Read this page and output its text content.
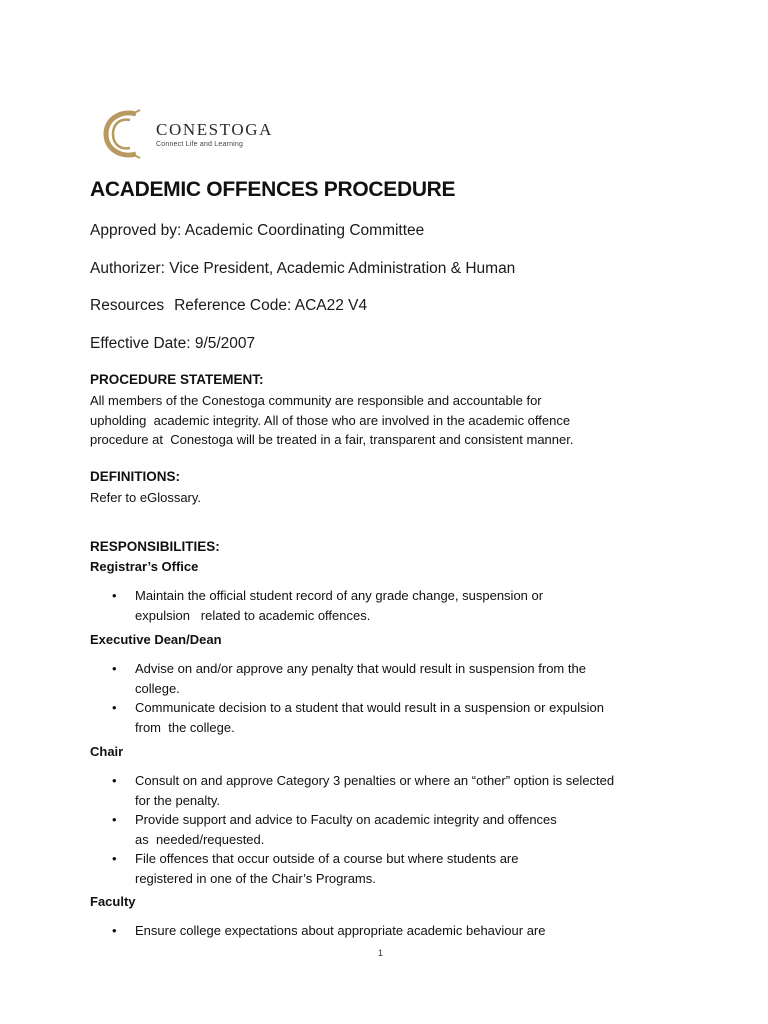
CONESTOGA
Connect Life and Learning
ACADEMIC OFFENCES PROCEDURE
Approved by: Academic Coordinating Committee
Authorizer: Vice President, Academic Administration & Human
Resources Reference Code: ACA22 V4
Effective Date: 9/5/2007
PROCEDURE STATEMENT:
All members of the Conestoga community are responsible and accountable for
upholding  academic integrity. All of those who are involved in the academic offence
procedure at  Conestoga will be treated in a fair, transparent and consistent manner.
DEFINITIONS:
Refer to eGlossary.
RESPONSIBILITIES:
Registrar’s Office
• Maintain the official student record of any grade change, suspension or
expulsion   related to academic offences.
Executive Dean/Dean
• Advise on and/or approve any penalty that would result in suspension from the
college.
• Communicate decision to a student that would result in a suspension or expulsion
from  the college.
Chair
• Consult on and approve Category 3 penalties or where an “other” option is selected
for the penalty.
• Provide support and advice to Faculty on academic integrity and offences
as  needed/requested.
• File offences that occur outside of a course but where students are
registered in one of the Chair’s Programs.
Faculty
• Ensure college expectations about appropriate academic behaviour are
1
